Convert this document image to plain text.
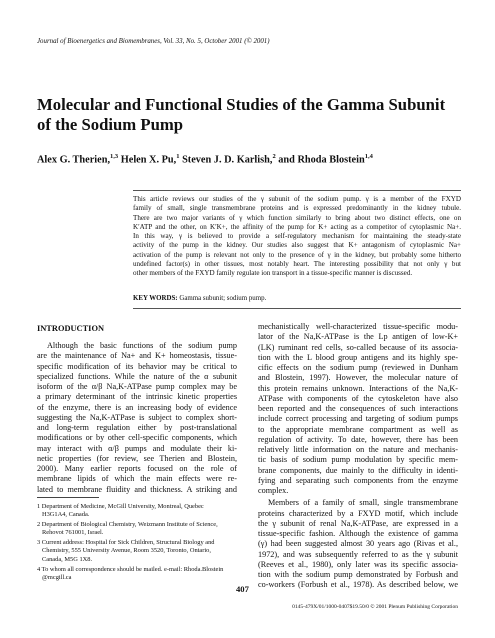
Journal of Bioenergetics and Biomembranes, Vol. 33, No. 5, October 2001 (© 2001)
Molecular and Functional Studies of the Gamma Subunit
of the Sodium Pump
Alex G. Therien,$^{1,3}$ Helen X. Pu,$^1$ Steven J. D. Karlish,$^2$ and Rhoda Blostein$^{1,4}$
This article reviews our studies of the γ subunit of the sodium pump. γ is a member of the FXYD
family of small, single transmembrane proteins and is expressed predominantly in the kidney tubule.
There are two major variants of γ which function similarly to bring about two distinct effects, one on
K′ATP and the other, on K′K+, the affinity of the pump for K+ acting as a competitor of cytoplasmic Na+.
In this way, γ is believed to provide a self-regulatory mechanism for maintaining the steady-state
activity of the pump in the kidney. Our studies also suggest that K+ antagonism of cytoplasmic Na+
activation of the pump is relevant not only to the presence of γ in the kidney, but probably some hitherto
undefined factor(s) in other tissues, most notably heart. The interesting possibility that not only γ but
other members of the FXYD family regulate ion transport in a tissue-specific manner is discussed.
KEY WORDS: Gamma subunit; sodium pump.
INTRODUCTION
Although the basic functions of the sodium pump
are the maintenance of Na+ and K+ homeostasis, tissue-
specific modification of its behavior may be critical to
specialized functions. While the nature of the α subunit
isoform of the α/β Na,K-ATPase pump complex may be
a primary determinant of the intrinsic kinetic properties
of the enzyme, there is an increasing body of evidence
suggesting the Na,K-ATPase is subject to complex short-
and long-term regulation either by post-translational
modifications or by other cell-specific components, which
may interact with α/β pumps and modulate their ki-
netic properties (for review, see Therien and Blostein,
2000). Many earlier reports focused on the role of
membrane lipids of which the main effects were re-
lated to membrane fluidity and thickness. A striking and
mechanistically well-characterized tissue-specific modu-
lator of the Na,K-ATPase is the Lp antigen of low-K+
(LK) ruminant red cells, so-called because of its associa-
tion with the L blood group antigens and its highly spe-
cific effects on the sodium pump (reviewed in Dunham
and Blostein, 1997). However, the molecular nature of
this protein remains unknown. Interactions of the Na,K-
ATPase with components of the cytoskeleton have also
been reported and the consequences of such interactions
include correct processing and targeting of sodium pumps
to the appropriate membrane compartment as well as
regulation of activity. To date, however, there has been
relatively little information on the nature and mechanis-
tic basis of sodium pump modulation by specific mem-
brane components, due mainly to the difficulty in identi-
fying and separating such components from the enzyme
complex.
Members of a family of small, single transmembrane
proteins characterized by a FXYD motif, which include
the γ subunit of renal Na,K-ATPase, are expressed in a
tissue-specific fashion. Although the existence of gamma
(γ) had been suggested almost 30 years ago (Rivas et al.,
1972), and was subsequently referred to as the γ subunit
(Reeves et al., 1980), only later was its specific associa-
tion with the sodium pump demonstrated by Forbush and
co-workers (Forbush et al., 1978). As described below, we
1 Department of Medicine, McGill University, Montreal, Quebec
H3G1A4, Canada.
2 Department of Biological Chemistry, Weizmann Institute of Science,
Rehovot 761001, Israel.
3 Current address: Hospital for Sick Children, Structural Biology and
Chemistry, 555 University Avenue, Room 3520, Toronto, Ontario,
Canada, M5G 1X8.
4 To whom all correspondence should be mailed. e-mail: Rhoda.Blostein
@mcgill.ca
407
0145-479X/01/1000-0407$19.50/0 © 2001 Plenum Publishing Corporation
